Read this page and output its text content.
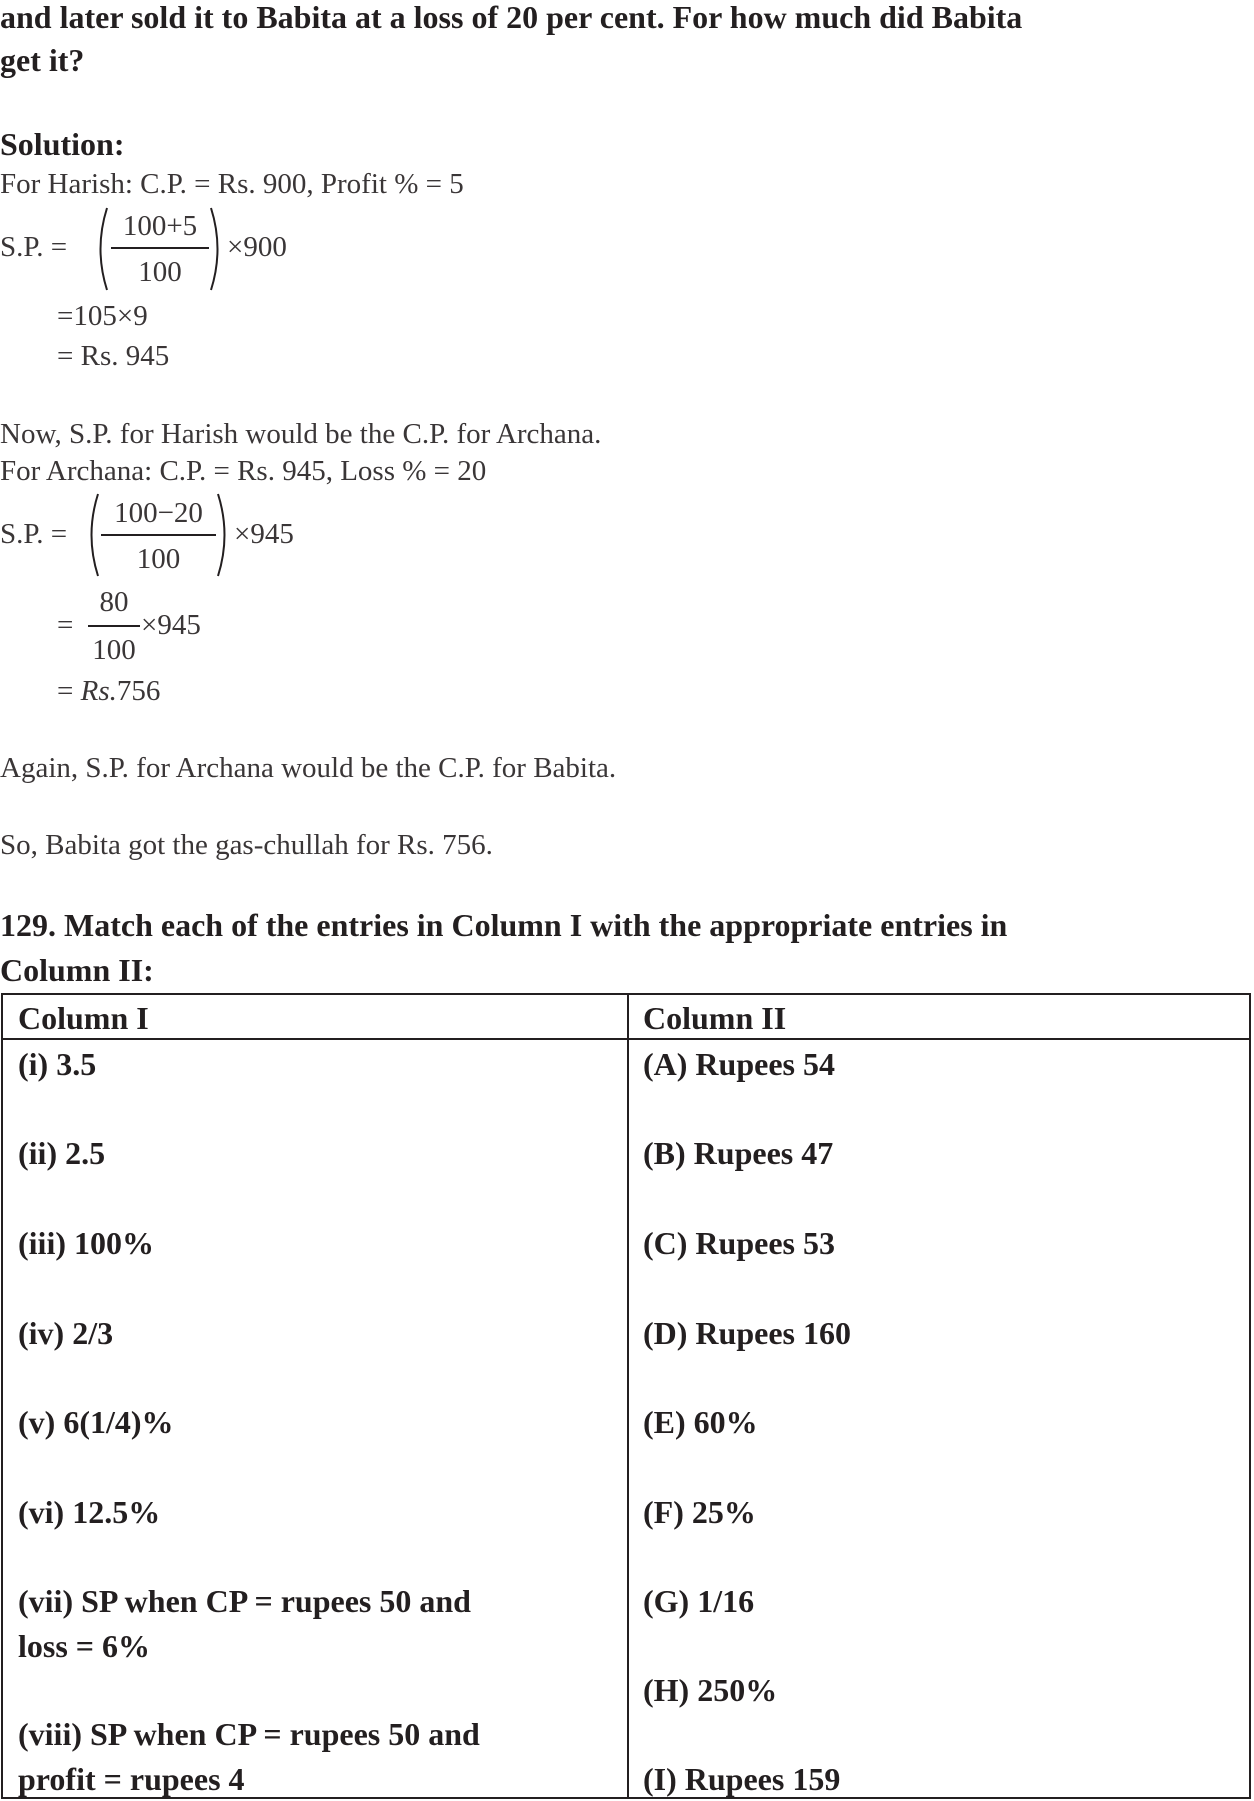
and later sold it to Babita at a loss of 20 per cent. For how much did Babita
get it?
Solution:
For Harish: C.P. = Rs. 900, Profit % = 5
S.P. =
100+5
100
×900
=105×9
= Rs. 945
Now, S.P. for Harish would be the C.P. for Archana.
For Archana: C.P. = Rs. 945, Loss % = 20
S.P. =
100−20
100
×945
=
80
100
×945
= Rs.756
Again, S.P. for Archana would be the C.P. for Babita.
So, Babita got the gas-chullah for Rs. 756.
129. Match each of the entries in Column I with the appropriate entries in
Column II:
Column I	Column II
(i) 3.5
(ii) 2.5
(iii) 100%
(iv) 2/3
(v) 6(1/4)%
(vi) 12.5%
(vii) SP when CP = rupees 50 and
loss = 6%
(viii) SP when CP = rupees 50 and
profit = rupees 4
(A) Rupees 54
(B) Rupees 47
(C) Rupees 53
(D) Rupees 160
(E) 60%
(F) 25%
(G) 1/16
(H) 250%
(I) Rupees 159
